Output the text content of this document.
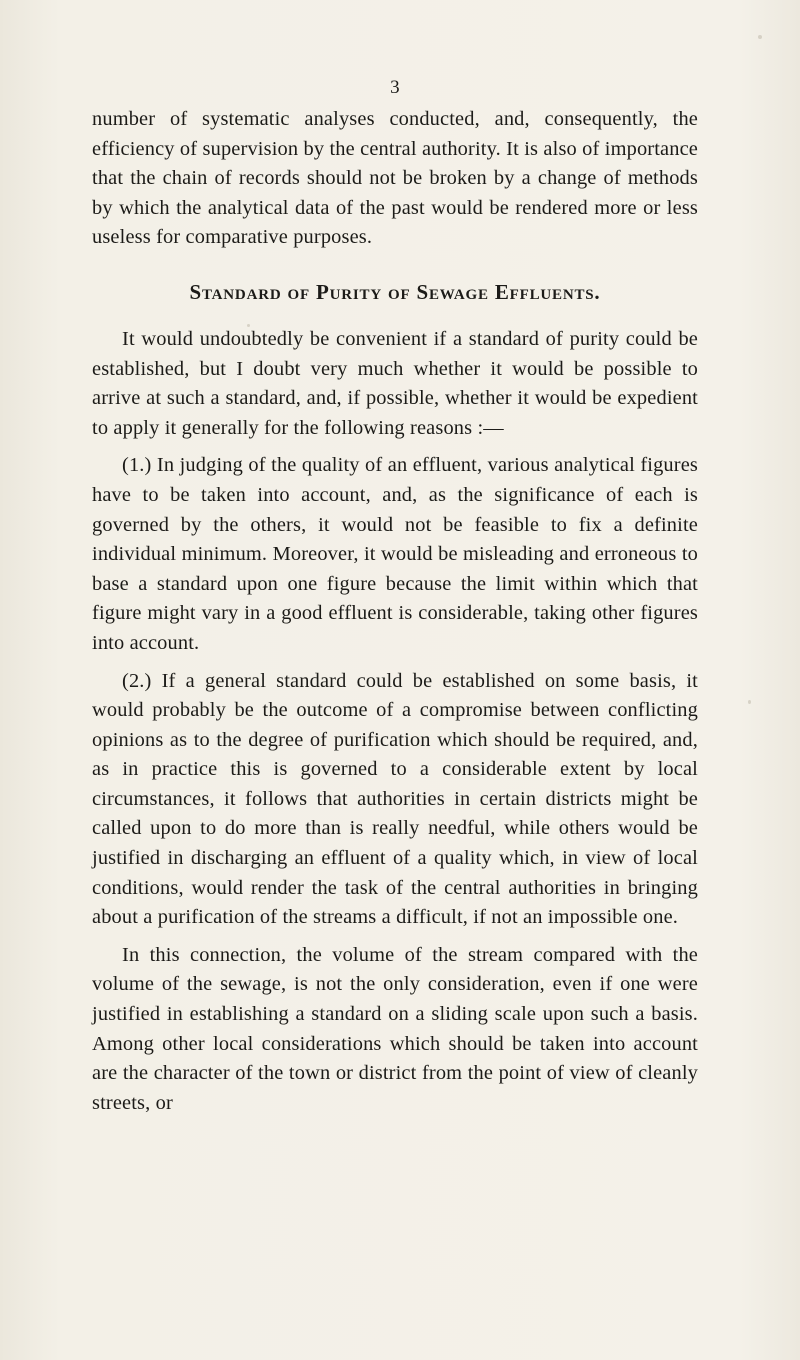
3

number of systematic analyses conducted, and, consequently, the efficiency of supervision by the central authority. It is also of importance that the chain of records should not be broken by a change of methods by which the analytical data of the past would be rendered more or less useless for comparative purposes.

Standard of Purity of Sewage Effluents.

It would undoubtedly be convenient if a standard of purity could be established, but I doubt very much whether it would be possible to arrive at such a standard, and, if possible, whether it would be expedient to apply it generally for the following reasons :—

(1.) In judging of the quality of an effluent, various analytical figures have to be taken into account, and, as the significance of each is governed by the others, it would not be feasible to fix a definite individual minimum. Moreover, it would be misleading and erroneous to base a standard upon one figure because the limit within which that figure might vary in a good effluent is considerable, taking other figures into account.

(2.) If a general standard could be established on some basis, it would probably be the outcome of a compromise between conflicting opinions as to the degree of purification which should be required, and, as in practice this is governed to a considerable extent by local circumstances, it follows that authorities in certain districts might be called upon to do more than is really needful, while others would be justified in discharging an effluent of a quality which, in view of local conditions, would render the task of the central authorities in bringing about a purification of the streams a difficult, if not an impossible one.

In this connection, the volume of the stream compared with the volume of the sewage, is not the only consideration, even if one were justified in establishing a standard on a sliding scale upon such a basis. Among other local considerations which should be taken into account are the character of the town or district from the point of view of cleanly streets, or
